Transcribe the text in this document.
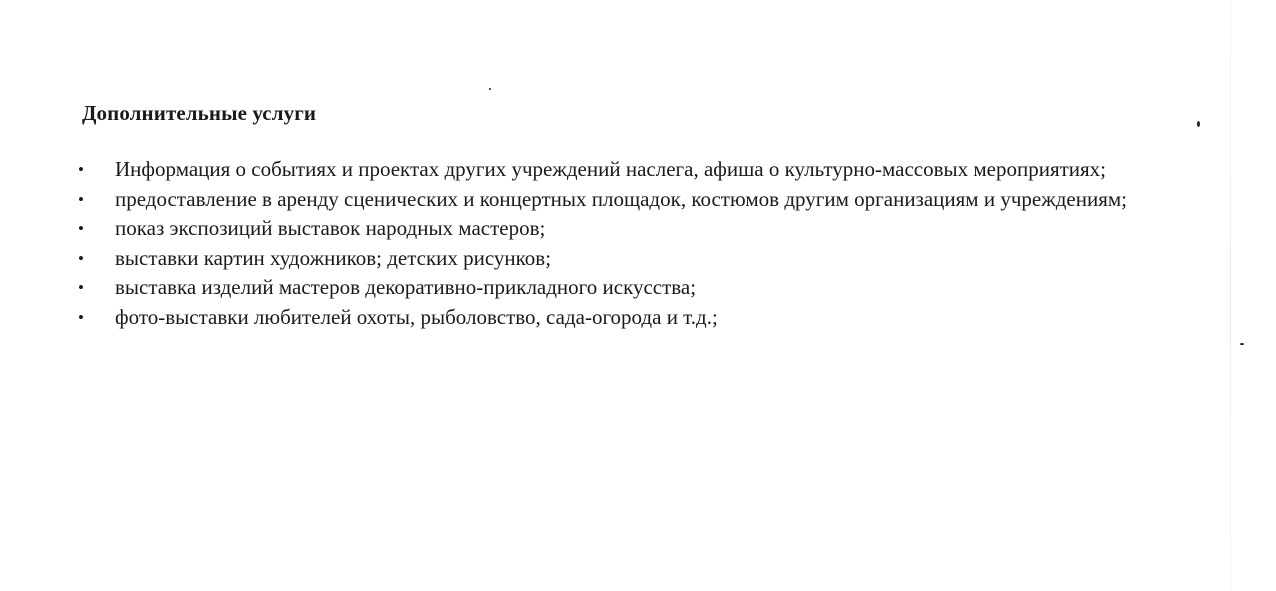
Дополнительные услуги
• Информация о событиях и проектах других учреждений наслега, афиша о культурно-массовых мероприятиях;
• предоставление в аренду сценических и концертных площадок, костюмов другим организациям и учреждениям;
• показ экспозиций выставок народных мастеров;
• выставки картин художников; детских рисунков;
• выставка изделий мастеров декоративно-прикладного искусства;
• фото-выставки любителей охоты, рыболовство, сада-огорода и т.д.;
